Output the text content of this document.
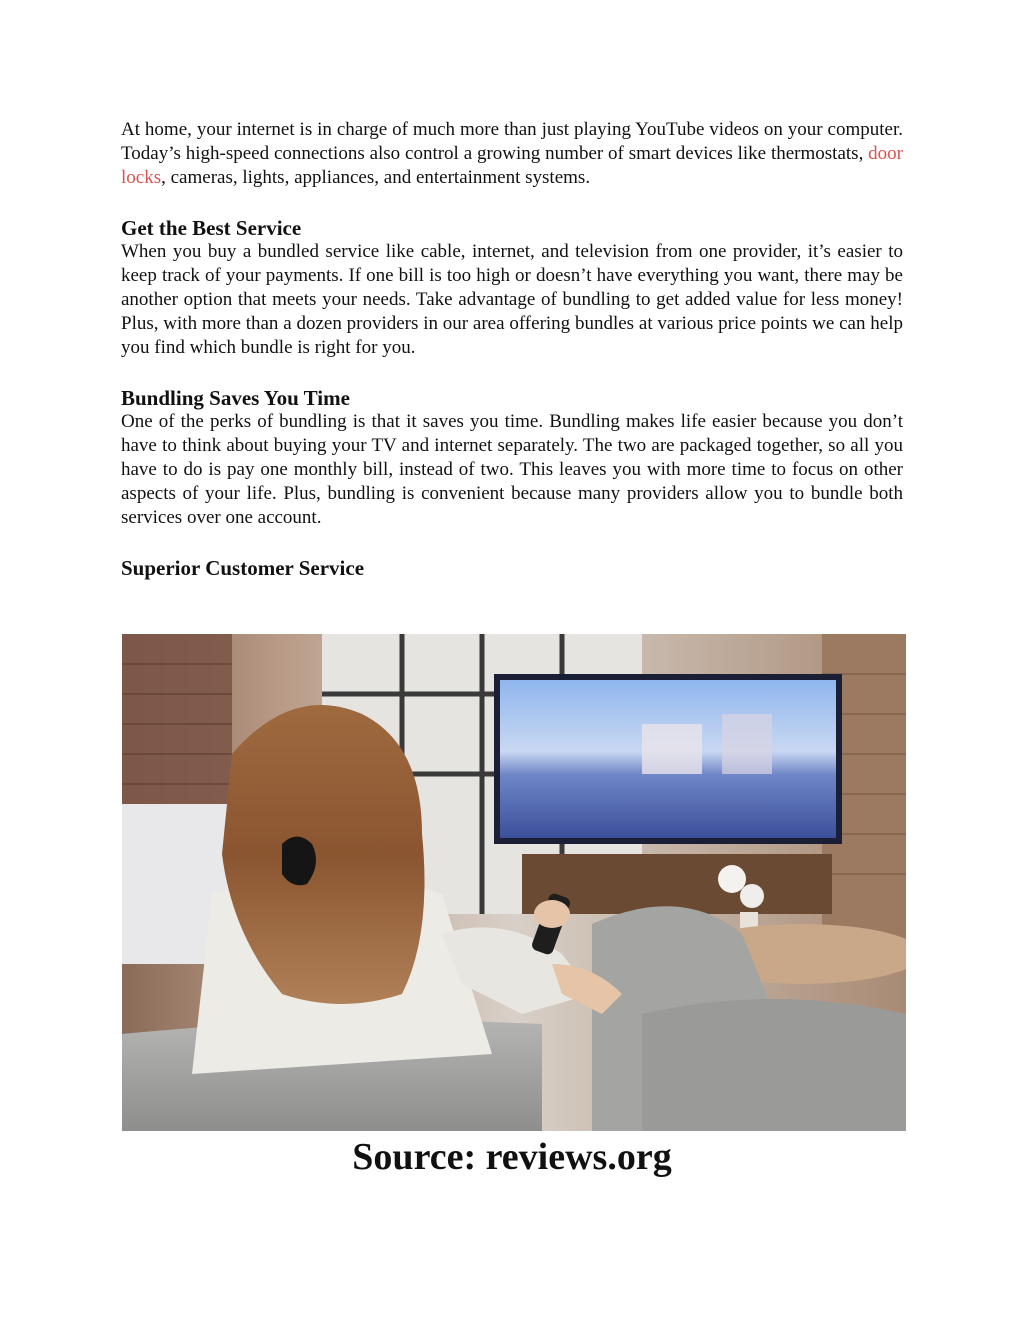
At home, your internet is in charge of much more than just playing YouTube videos on your computer. Today’s high-speed connections also control a growing number of smart devices like thermostats, door locks, cameras, lights, appliances, and entertainment systems.

Get the Best Service

When you buy a bundled service like cable, internet, and television from one provider, it’s easier to keep track of your payments. If one bill is too high or doesn’t have everything you want, there may be another option that meets your needs. Take advantage of bundling to get added value for less money! Plus, with more than a dozen providers in our area offering bundles at various price points we can help you find which bundle is right for you.

Bundling Saves You Time

One of the perks of bundling is that it saves you time. Bundling makes life easier because you don’t have to think about buying your TV and internet separately. The two are packaged together, so all you have to do is pay one monthly bill, instead of two. This leaves you with more time to focus on other aspects of your life. Plus, bundling is convenient because many providers allow you to bundle both services over one account.

Superior Customer Service
Source: reviews.org
